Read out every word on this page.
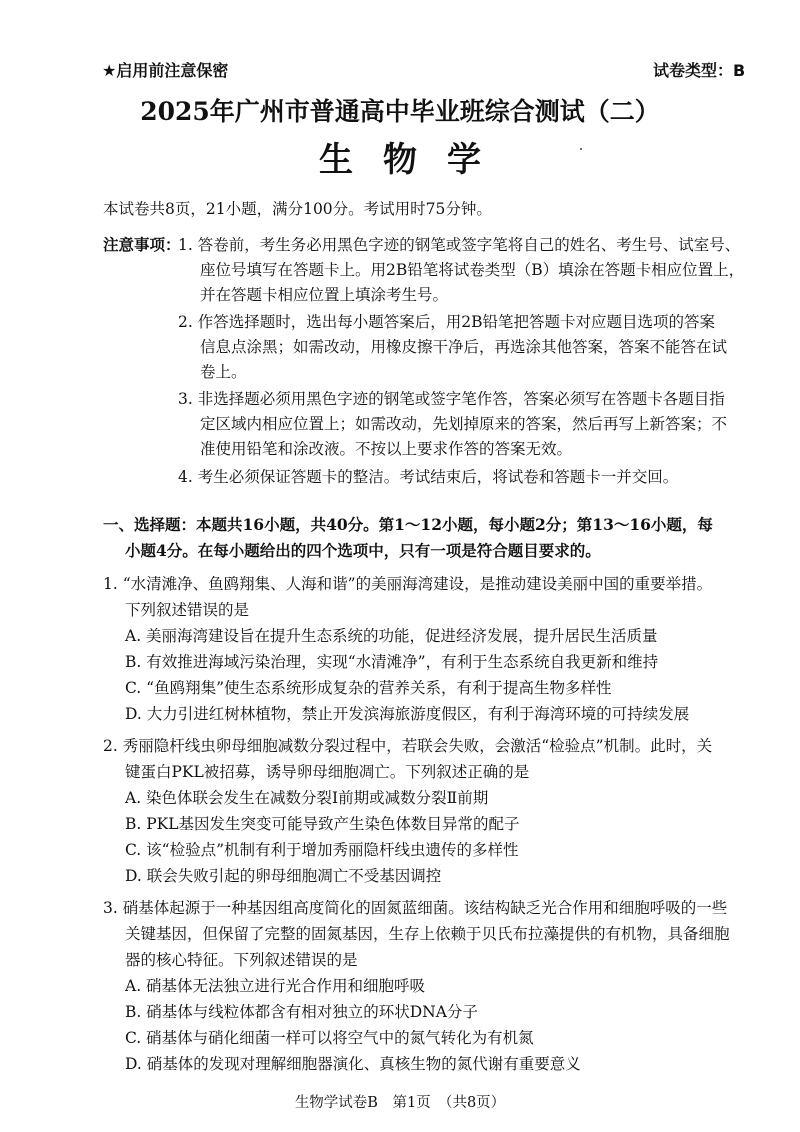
★启用前注意保密	试卷类型：B
2025年广州市普通高中毕业班综合测试（二）
生物学
本试卷共8页，21小题，满分100分。考试用时75分钟。
注意事项：
1. 答卷前，考生务必用黑色字迹的钢笔或签字笔将自己的姓名、考生号、试室号、
座位号填写在答题卡上。用2B铅笔将试卷类型（B）填涂在答题卡相应位置上，
并在答题卡相应位置上填涂考生号。
2. 作答选择题时，选出每小题答案后，用2B铅笔把答题卡对应题目选项的答案
信息点涂黑；如需改动，用橡皮擦干净后，再选涂其他答案，答案不能答在试
卷上。
3. 非选择题必须用黑色字迹的钢笔或签字笔作答，答案必须写在答题卡各题目指
定区域内相应位置上；如需改动，先划掉原来的答案，然后再写上新答案；不
准使用铅笔和涂改液。不按以上要求作答的答案无效。
4. 考生必须保证答题卡的整洁。考试结束后，将试卷和答题卡一并交回。
一、选择题：本题共16小题，共40分。第1～12小题，每小题2分；第13～16小题，每
小题4分。在每小题给出的四个选项中，只有一项是符合题目要求的。
1. “水清滩净、鱼鸥翔集、人海和谐”的美丽海湾建设，是推动建设美丽中国的重要举措。
下列叙述错误的是
A. 美丽海湾建设旨在提升生态系统的功能，促进经济发展，提升居民生活质量
B. 有效推进海域污染治理，实现“水清滩净”，有利于生态系统自我更新和维持
C. “鱼鸥翔集”使生态系统形成复杂的营养关系，有利于提高生物多样性
D. 大力引进红树林植物，禁止开发滨海旅游度假区，有利于海湾环境的可持续发展
2. 秀丽隐杆线虫卵母细胞减数分裂过程中，若联会失败，会激活“检验点”机制。此时，关
键蛋白PKL被招募，诱导卵母细胞凋亡。下列叙述正确的是
A. 染色体联会发生在减数分裂Ⅰ前期或减数分裂Ⅱ前期
B. PKL基因发生突变可能导致产生染色体数目异常的配子
C. 该“检验点”机制有利于增加秀丽隐杆线虫遗传的多样性
D. 联会失败引起的卵母细胞凋亡不受基因调控
3. 硝基体起源于一种基因组高度简化的固氮蓝细菌。该结构缺乏光合作用和细胞呼吸的一些
关键基因，但保留了完整的固氮基因，生存上依赖于贝氏布拉藻提供的有机物，具备细胞
器的核心特征。下列叙述错误的是
A. 硝基体无法独立进行光合作用和细胞呼吸
B. 硝基体与线粒体都含有相对独立的环状DNA分子
C. 硝基体与硝化细菌一样可以将空气中的氮气转化为有机氮
D. 硝基体的发现对理解细胞器演化、真核生物的氮代谢有重要意义
生物学试卷B　第1页　（共8页）
